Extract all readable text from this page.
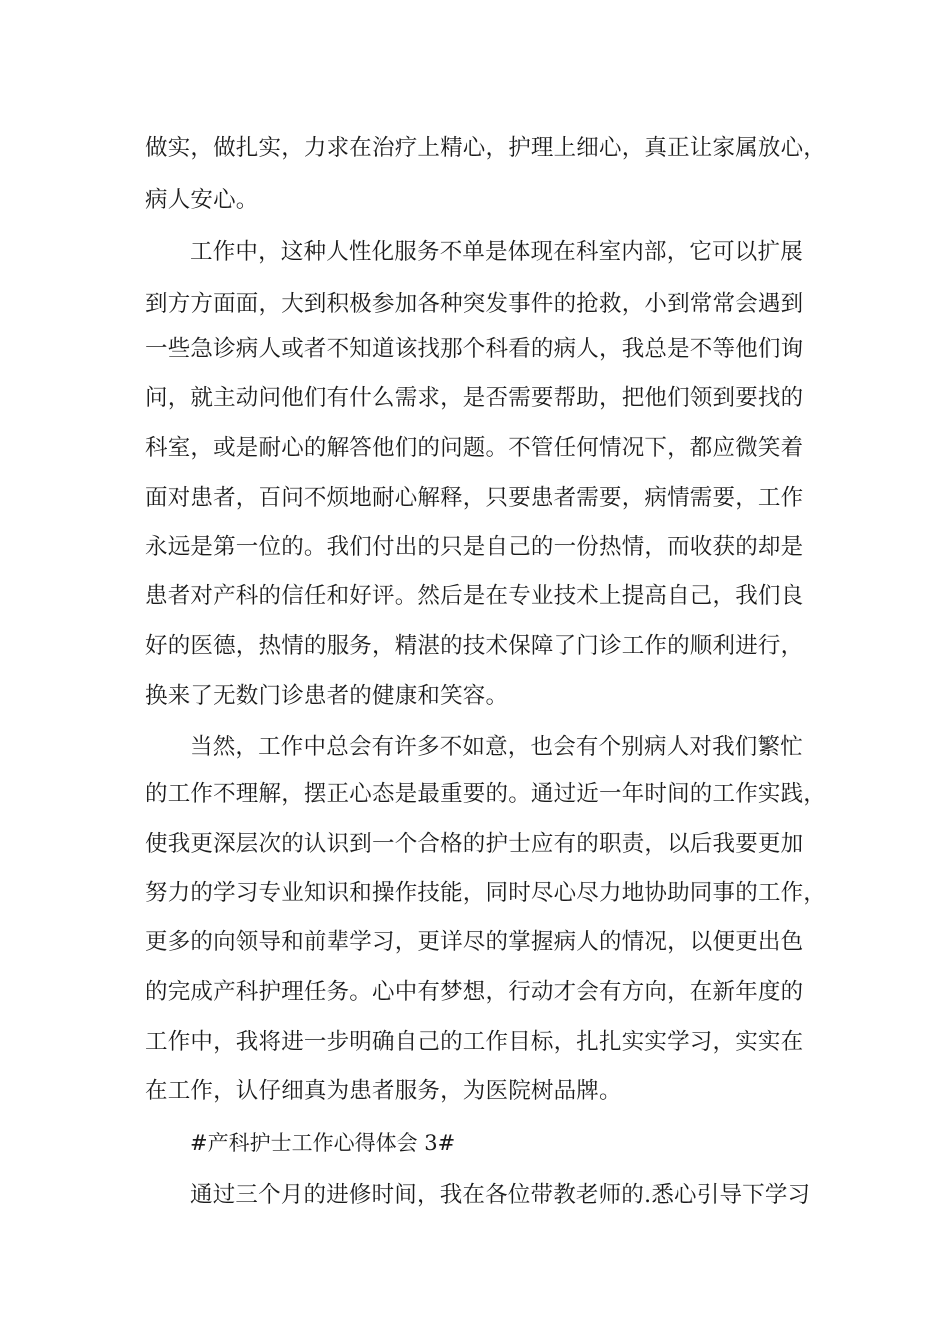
做实，做扎实，力求在治疗上精心，护理上细心，真正让家属放心，
病人安心。
工作中，这种人性化服务不单是体现在科室内部，它可以扩展
到方方面面，大到积极参加各种突发事件的抢救，小到常常会遇到
一些急诊病人或者不知道该找那个科看的病人，我总是不等他们询
问，就主动问他们有什么需求，是否需要帮助，把他们领到要找的
科室，或是耐心的解答他们的问题。不管任何情况下，都应微笑着
面对患者，百问不烦地耐心解释，只要患者需要，病情需要，工作
永远是第一位的。我们付出的只是自己的一份热情，而收获的却是
患者对产科的信任和好评。然后是在专业技术上提高自己，我们良
好的医德，热情的服务，精湛的技术保障了门诊工作的顺利进行，
换来了无数门诊患者的健康和笑容。
当然，工作中总会有许多不如意，也会有个别病人对我们繁忙
的工作不理解，摆正心态是最重要的。通过近一年时间的工作实践，
使我更深层次的认识到一个合格的护士应有的职责，以后我要更加
努力的学习专业知识和操作技能，同时尽心尽力地协助同事的工作，
更多的向领导和前辈学习，更详尽的掌握病人的情况，以便更出色
的完成产科护理任务。心中有梦想，行动才会有方向，在新年度的
工作中，我将进一步明确自己的工作目标，扎扎实实学习，实实在
在工作，认仔细真为患者服务，为医院树品牌。
#产科护士工作心得体会 3#
通过三个月的进修时间，我在各位带教老师的.悉心引导下学习
